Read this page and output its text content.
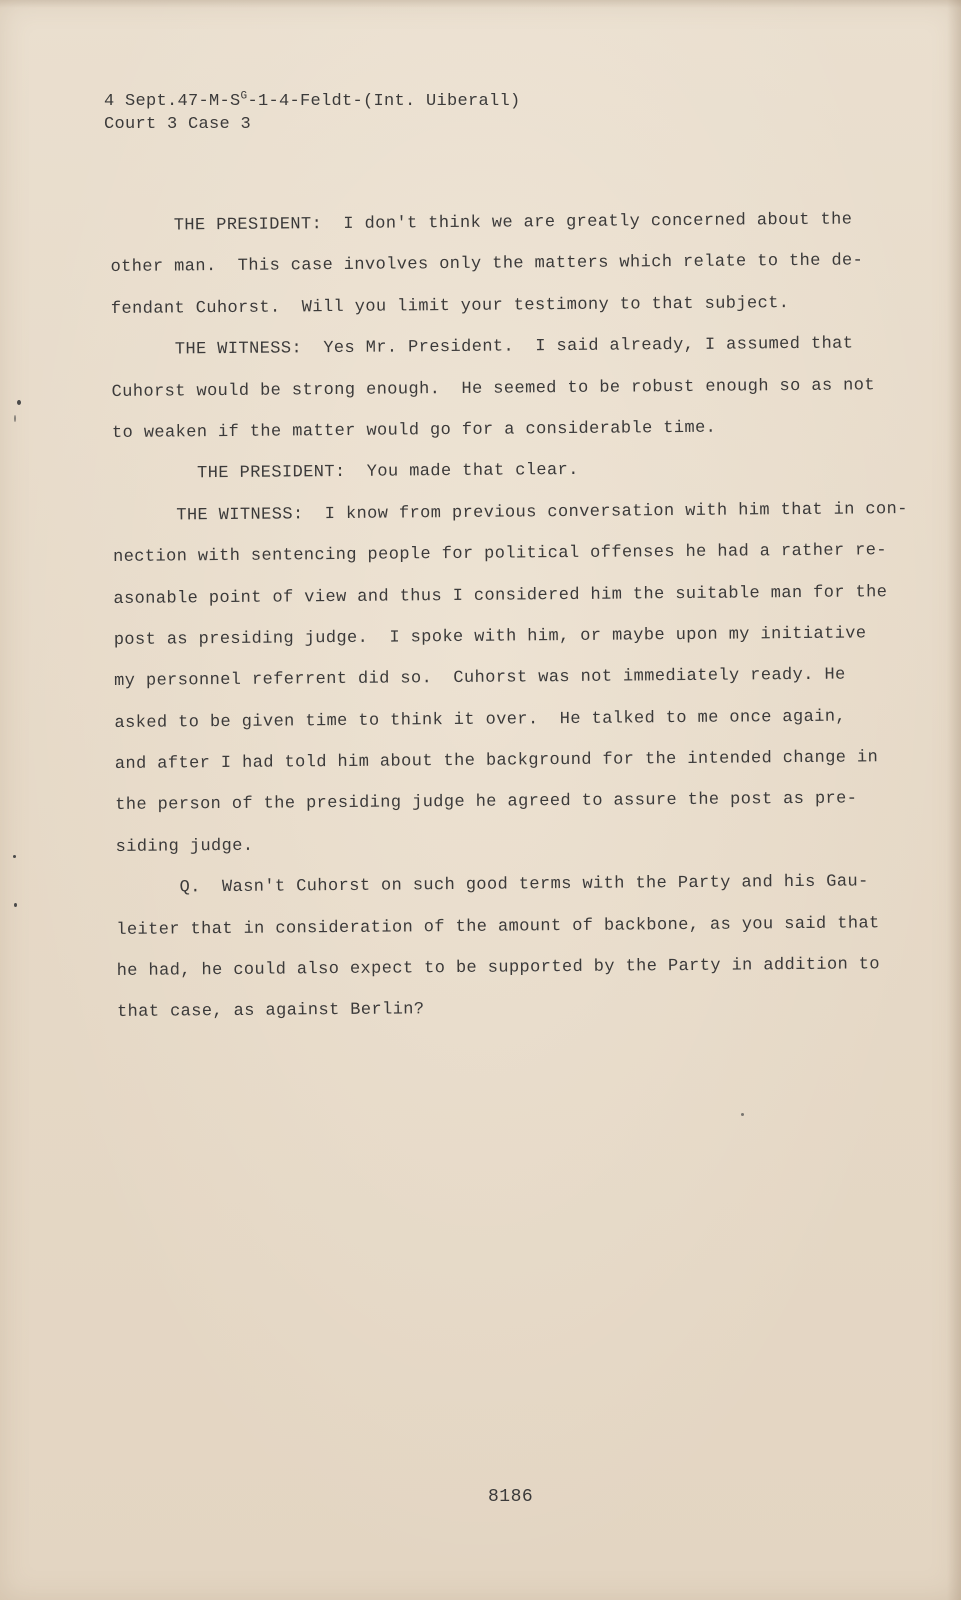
4 $Sept.47-M-S^G-1-4-Feldt-(Int$. Uiberall)
Court 3 Case 3
THE PRESIDENT:  I don't think we are greatly concerned about the
other man.  This case involves only the matters which relate to the de-
fendant Cuhorst.  Will you limit your testimony to that subject.
THE WITNESS:  Yes Mr. President.  I said already, I assumed that
Cuhorst would be strong enough.  He seemed to be robust enough so as not
to weaken if the matter would go for a considerable time.
THE PRESIDENT:  You made that clear.
THE WITNESS:  I know from previous conversation with him that in con-
nection with sentencing people for political offenses he had a rather re-
asonable point of view and thus I considered him the suitable man for the
post as presiding judge.  I spoke with him, or maybe upon my initiative
my personnel referrent did so.  Cuhorst was not immediately ready. He
asked to be given time to think it over.  He talked to me once again,
and after I had told him about the background for the intended change in
the person of the presiding judge he agreed to assure the post as pre-
siding judge.
Q.  Wasn't Cuhorst on such good terms with the Party and his Gau-
leiter that in consideration of the amount of backbone, as you said that
he had, he could also expect to be supported by the Party in addition to
that case, as against Berlin?
8186
